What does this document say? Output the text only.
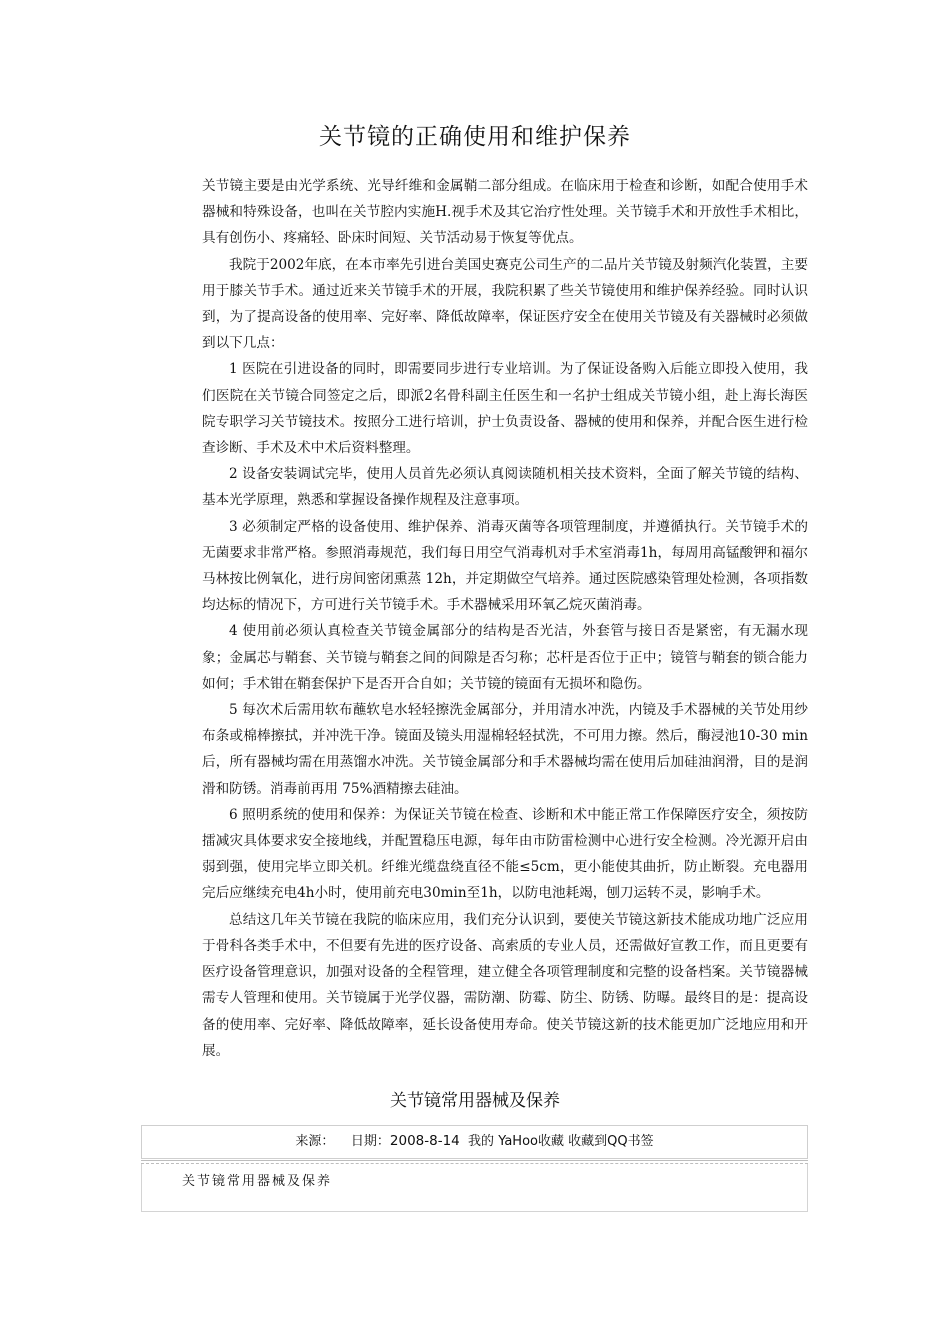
关节镜的正确使用和维护保养

关节镜主要是由光学系统、光导纤维和金属鞘二部分组成。在临床用于检查和诊断，如配合使用手术器械和特殊设备，也叫在关节腔内实施H.视手术及其它治疗性处理。关节镜手术和开放性手术相比，具有创伤小、疼痛轻、卧床时间短、关节活动易于恢复等优点。

我院于2002年底，在本市率先引进台美国史赛克公司生产的二品片关节镜及射频汽化装置，主要用于膝关节手术。通过近来关节镜手术的开展，我院积累了些关节镜使用和维护保养经验。同时认识到，为了提高设备的使用率、完好率、降低故障率，保证医疗安全在使用关节镜及有关器械时必须做到以下几点：

1 医院在引进设备的同时，即需要同步进行专业培训。为了保证设备购入后能立即投入使用，我们医院在关节镜合同签定之后，即派2名骨科副主任医生和一名护士组成关节镜小组，赴上海长海医院专职学习关节镜技术。按照分工进行培训，护士负责设备、器械的使用和保养，并配合医生进行检查诊断、手术及术中术后资料整理。

2 设备安装调试完毕，使用人员首先必须认真阅读随机相关技术资料，全面了解关节镜的结构、基本光学原理，熟悉和掌握设备操作规程及注意事项。

3 必须制定严格的设备使用、维护保养、消毒灭菌等各项管理制度，并遵循执行。关节镜手术的无菌要求非常严格。参照消毒规范，我们每日用空气消毒机对手术室消毒1h，每周用高锰酸钾和福尔马林按比例氧化，进行房间密闭熏蒸 12h，并定期做空气培养。通过医院感染管理处检测，各项指数均达标的情况下，方可进行关节镜手术。手术器械采用环氧乙烷灭菌消毒。

4 使用前必须认真检查关节镜金属部分的结构是否光洁，外套管与接日否是紧密，有无漏水现象；金属芯与鞘套、关节镜与鞘套之间的间隙是否匀称；芯杆是否位于正中；镜管与鞘套的锁合能力如何；手术钳在鞘套保护下是否开合自如；关节镜的镜面有无损坏和隐伤。

5 每次术后需用软布蘸软皂水轻轻擦洗金属部分，并用清水冲洗，内镜及手术器械的关节处用纱布条或棉棒擦拭，并冲洗干净。镜面及镜头用湿棉轻轻拭洗，不可用力擦。然后，酶浸池10-30 min后，所有器械均需在用蒸馏水冲洗。关节镜金属部分和手术器械均需在使用后加硅油润滑，目的是润滑和防锈。消毒前再用 75%酒精擦去硅油。

6 照明系统的使用和保养：为保证关节镜在检查、诊断和术中能正常工作保障医疗安全，须按防擂减灾具体要求安全接地线，并配置稳压电源，每年由市防雷检测中心进行安全检测。冷光源开启由弱到强，使用完毕立即关机。纤维光缆盘绕直径不能≤5cm，更小能使其曲折，防止断裂。充电器用完后应继续充电4h小时，使用前充电30min至1h，以防电池耗竭，刨刀运转不灵，影响手术。

总结这几年关节镜在我院的临床应用，我们充分认识到，要使关节镜这新技术能成功地广泛应用于骨科各类手术中，不但要有先进的医疗设备、高索质的专业人员，还需做好宣教工作，而且更要有医疗设备管理意识，加强对设备的全程管理，建立健全各项管理制度和完整的设备档案。关节镜器械需专人管理和使用。关节镜属于光学仪器，需防潮、防霉、防尘、防锈、防曝。最终目的是：提高设备的使用率、完好率、降低故障率，延长设备使用寿命。使关节镜这新的技术能更加广泛地应用和开展。

关节镜常用器械及保养
来源： 日期：2008-8-14 我的 YaHoo收藏 收藏到QQ书签
关节镜常用器械及保养
